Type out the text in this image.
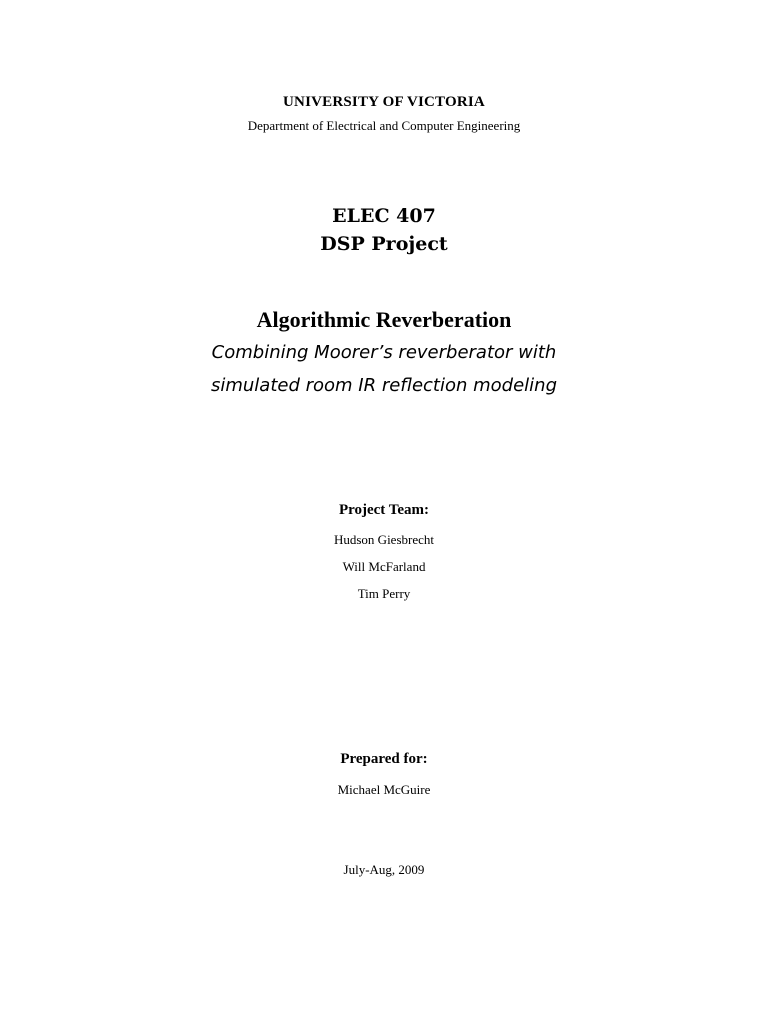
UNIVERSITY OF VICTORIA
Department of Electrical and Computer Engineering
ELEC 407
DSP Project
Algorithmic Reverberation
Combining Moorer’s reverberator with
simulated room IR reflection modeling
Project Team:
Hudson Giesbrecht
Will McFarland
Tim Perry
Prepared for:
Michael McGuire
July-Aug, 2009
